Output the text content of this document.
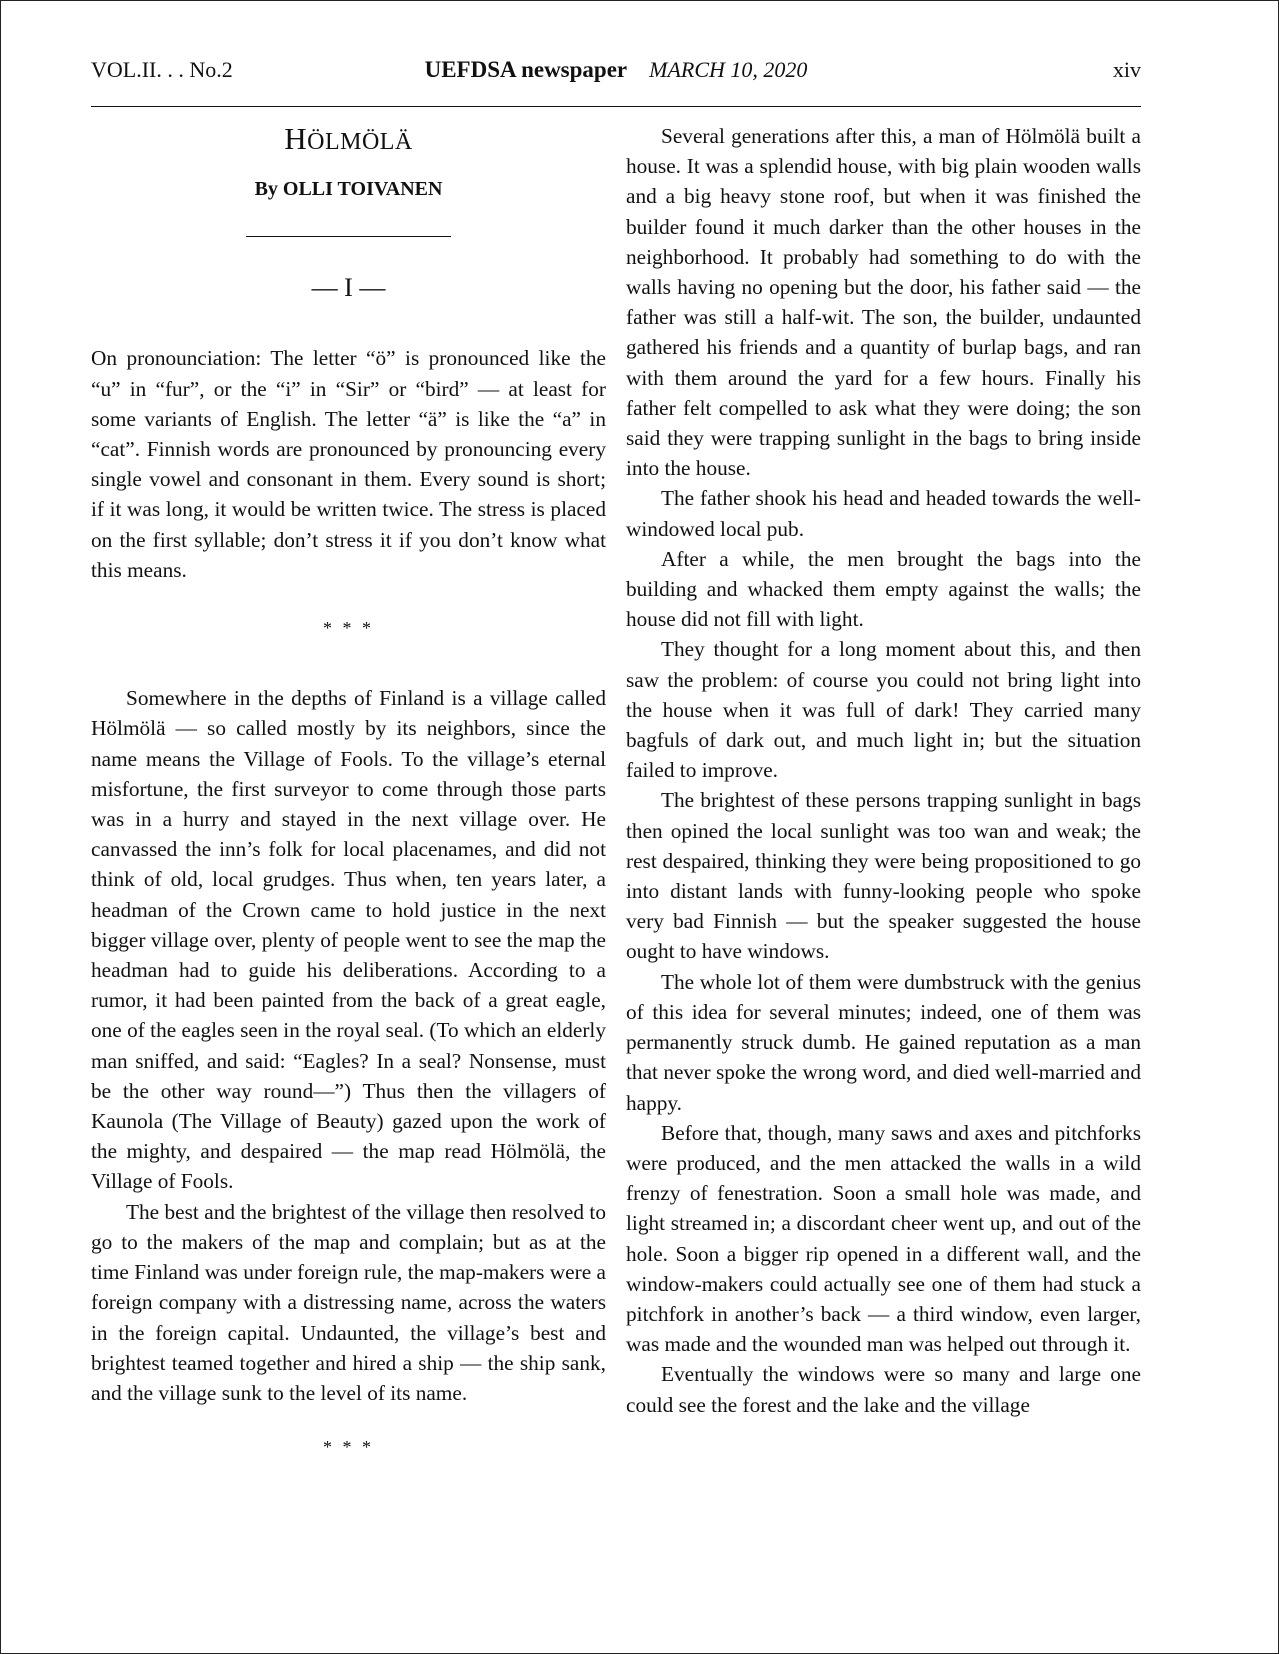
VOL.II. . . No.2	UEFDSA newspaper MARCH 10, 2020	xiv
HÖLMÖLÄ
By OLLI TOIVANEN
— I —

On pronounciation: The letter “ö” is pronounced like the “u” in “fur”, or the “i” in “Sir” or “bird” — at least for some variants of English. The letter “ä” is like the “a” in “cat”. Finnish words are pronounced by pronouncing every single vowel and consonant in them. Every sound is short; if it was long, it would be written twice. The stress is placed on the first syllable; don’t stress it if you don’t know what this means.

* * *

Somewhere in the depths of Finland is a village called Hölmölä — so called mostly by its neighbors, since the name means the Village of Fools. To the village’s eternal misfortune, the first surveyor to come through those parts was in a hurry and stayed in the next village over. He canvassed the inn’s folk for local placenames, and did not think of old, local grudges. Thus when, ten years later, a headman of the Crown came to hold justice in the next bigger village over, plenty of people went to see the map the headman had to guide his deliberations. According to a rumor, it had been painted from the back of a great eagle, one of the eagles seen in the royal seal. (To which an elderly man sniffed, and said: “Eagles? In a seal? Nonsense, must be the other way round—”) Thus then the villagers of Kaunola (The Village of Beauty) gazed upon the work of the mighty, and despaired — the map read Hölmölä, the Village of Fools.

The best and the brightest of the village then resolved to go to the makers of the map and complain; but as at the time Finland was under foreign rule, the map-makers were a foreign company with a distressing name, across the waters in the foreign capital. Undaunted, the village’s best and brightest teamed together and hired a ship — the ship sank, and the village sunk to the level of its name.

* * *

Several generations after this, a man of Hölmölä built a house. It was a splendid house, with big plain wooden walls and a big heavy stone roof, but when it was finished the builder found it much darker than the other houses in the neighborhood. It probably had something to do with the walls having no opening but the door, his father said — the father was still a half-wit. The son, the builder, undaunted gathered his friends and a quantity of burlap bags, and ran with them around the yard for a few hours. Finally his father felt compelled to ask what they were doing; the son said they were trapping sunlight in the bags to bring inside into the house.

The father shook his head and headed towards the well-windowed local pub.

After a while, the men brought the bags into the building and whacked them empty against the walls; the house did not fill with light.

They thought for a long moment about this, and then saw the problem: of course you could not bring light into the house when it was full of dark! They carried many bagfuls of dark out, and much light in; but the situation failed to improve.

The brightest of these persons trapping sunlight in bags then opined the local sunlight was too wan and weak; the rest despaired, thinking they were being propositioned to go into distant lands with funny-looking people who spoke very bad Finnish — but the speaker suggested the house ought to have windows.

The whole lot of them were dumbstruck with the genius of this idea for several minutes; indeed, one of them was permanently struck dumb. He gained reputation as a man that never spoke the wrong word, and died well-married and happy.

Before that, though, many saws and axes and pitchforks were produced, and the men attacked the walls in a wild frenzy of fenestration. Soon a small hole was made, and light streamed in; a discordant cheer went up, and out of the hole. Soon a bigger rip opened in a different wall, and the window-makers could actually see one of them had stuck a pitchfork in another’s back — a third window, even larger, was made and the wounded man was helped out through it.

Eventually the windows were so many and large one could see the forest and the lake and the village
